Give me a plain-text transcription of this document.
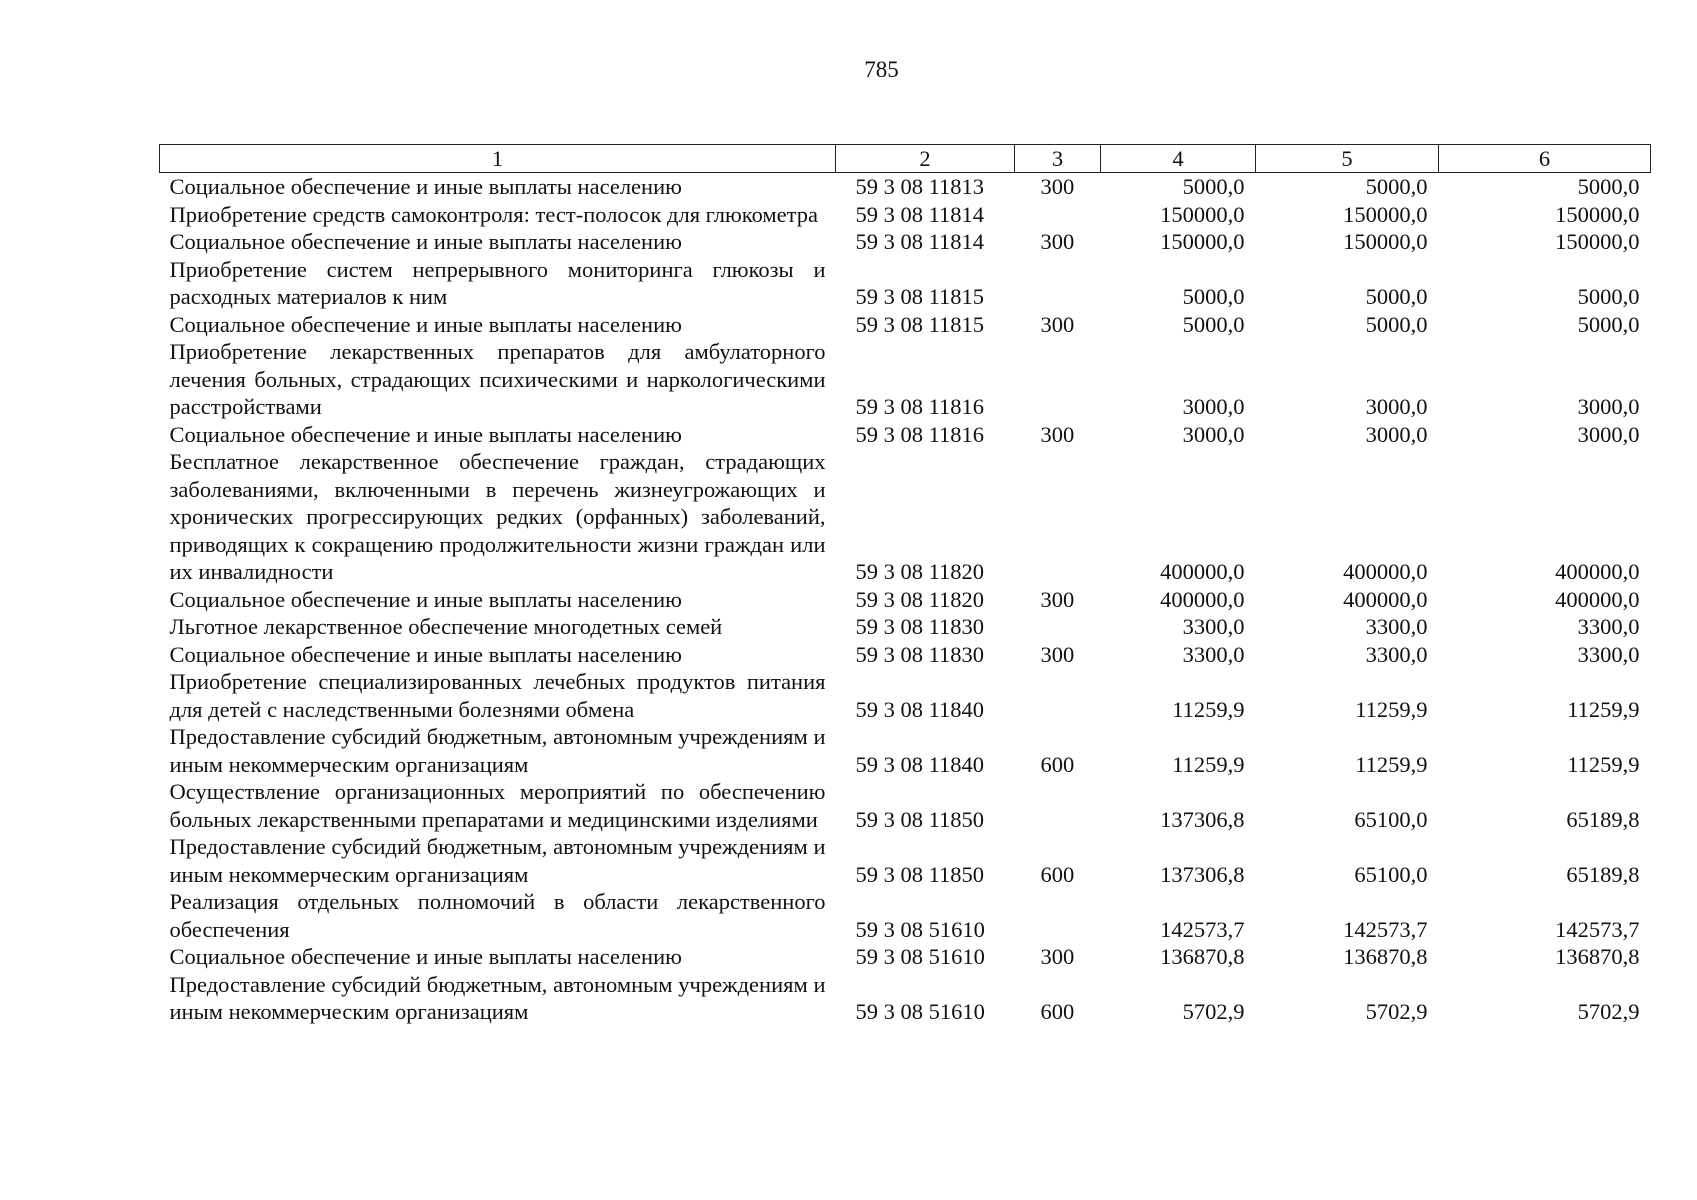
785
1	2	3	4	5	6
Социальное обеспечение и иные выплаты населению	59 3 08 11813	300	5000,0	5000,0	5000,0
Приобретение средств самоконтроля: тест-полосок для глюкометра	59 3 08 11814		150000,0	150000,0	150000,0
Социальное обеспечение и иные выплаты населению	59 3 08 11814	300	150000,0	150000,0	150000,0
Приобретение систем непрерывного мониторинга глюкозы и расходных материалов к ним	59 3 08 11815		5000,0	5000,0	5000,0
Социальное обеспечение и иные выплаты населению	59 3 08 11815	300	5000,0	5000,0	5000,0
Приобретение лекарственных препаратов для амбулаторного лечения больных, страдающих психическими и наркологическими расстройствами	59 3 08 11816		3000,0	3000,0	3000,0
Социальное обеспечение и иные выплаты населению	59 3 08 11816	300	3000,0	3000,0	3000,0
Бесплатное лекарственное обеспечение граждан, страдающих заболеваниями, включенными в перечень жизнеугрожающих и хронических прогрессирующих редких (орфанных) заболеваний, приводящих к сокращению продолжительности жизни граждан или их инвалидности	59 3 08 11820		400000,0	400000,0	400000,0
Социальное обеспечение и иные выплаты населению	59 3 08 11820	300	400000,0	400000,0	400000,0
Льготное лекарственное обеспечение многодетных семей	59 3 08 11830		3300,0	3300,0	3300,0
Социальное обеспечение и иные выплаты населению	59 3 08 11830	300	3300,0	3300,0	3300,0
Приобретение специализированных лечебных продуктов питания для детей с наследственными болезнями обмена	59 3 08 11840		11259,9	11259,9	11259,9
Предоставление субсидий бюджетным, автономным учреждениям и иным некоммерческим организациям	59 3 08 11840	600	11259,9	11259,9	11259,9
Осуществление организационных мероприятий по обеспечению больных лекарственными препаратами и медицинскими изделиями	59 3 08 11850		137306,8	65100,0	65189,8
Предоставление субсидий бюджетным, автономным учреждениям и иным некоммерческим организациям	59 3 08 11850	600	137306,8	65100,0	65189,8
Реализация отдельных полномочий в области лекарственного обеспечения	59 3 08 51610		142573,7	142573,7	142573,7
Социальное обеспечение и иные выплаты населению	59 3 08 51610	300	136870,8	136870,8	136870,8
Предоставление субсидий бюджетным, автономным учреждениям и иным некоммерческим организациям	59 3 08 51610	600	5702,9	5702,9	5702,9
